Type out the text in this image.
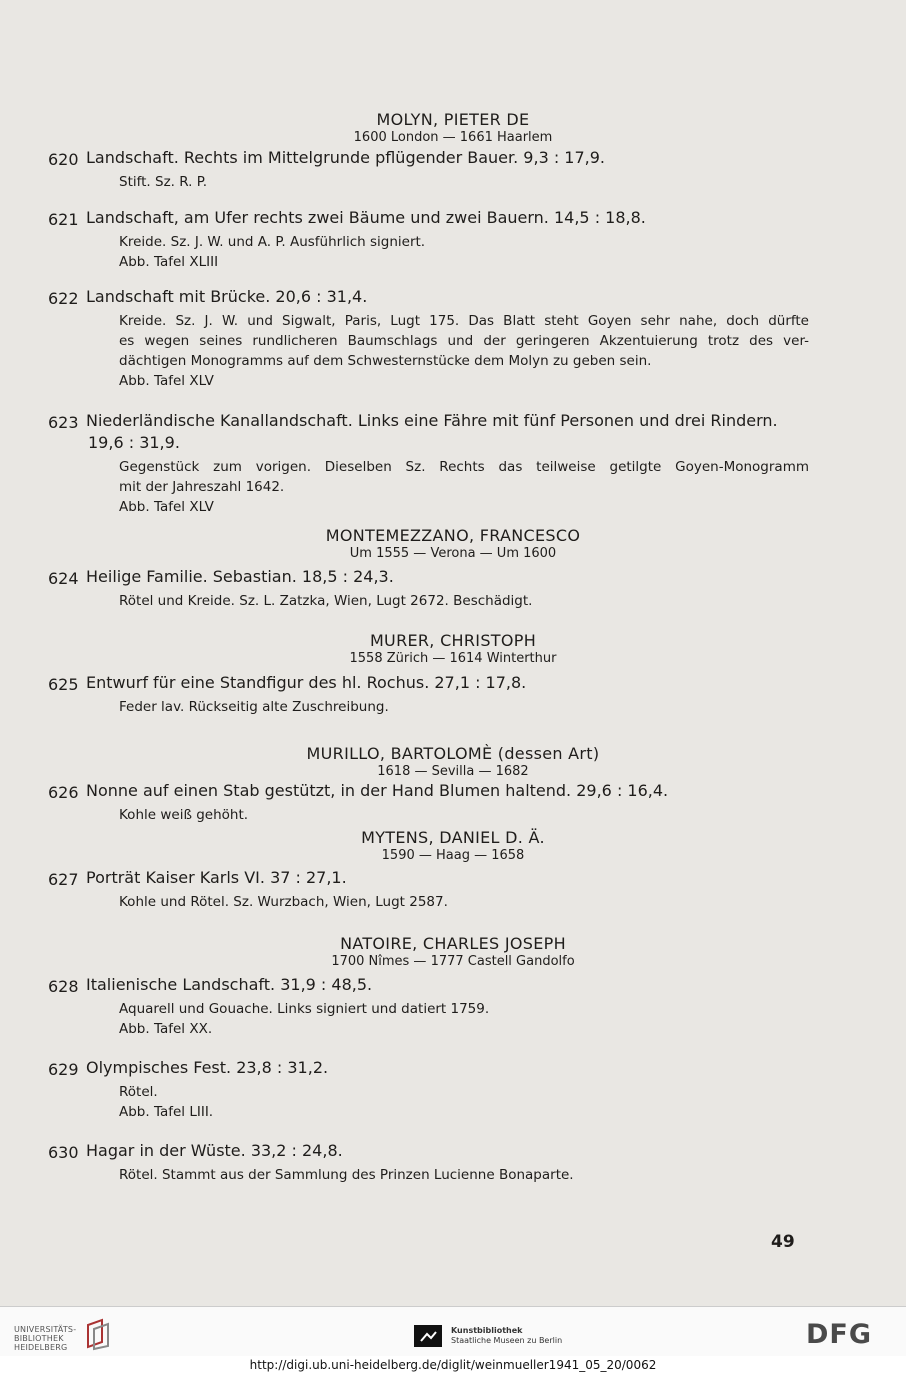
MOLYN, PIETER DE
1600 London — 1661 Haarlem
MONTEMEZZANO, FRANCESCO
Um 1555 — Verona — Um 1600
MURER, CHRISTOPH
1558 Zürich — 1614 Winterthur
MURILLO, BARTOLOMÈ (dessen Art)
1618 — Sevilla — 1682
MYTENS, DANIEL D. Ä.
1590 — Haag — 1658
NATOIRE, CHARLES JOSEPH
1700 Nîmes — 1777 Castell Gandolfo
620 Landschaft. Rechts im Mittelgrunde pflügender Bauer. 9,3 : 17,9.
Stift. Sz. R. P.
621 Landschaft, am Ufer rechts zwei Bäume und zwei Bauern. 14,5 : 18,8.
Kreide. Sz. J. W. und A. P. Ausführlich signiert.
Abb. Tafel XLIII
622 Landschaft mit Brücke. 20,6 : 31,4.
Kreide. Sz. J. W. und Sigwalt, Paris, Lugt 175. Das Blatt steht Goyen sehr nahe, doch dürfte
es wegen seines rundlicheren Baumschlags und der geringeren Akzentuierung trotz des ver-
dächtigen Monogramms auf dem Schwesternstücke dem Molyn zu geben sein.
Abb. Tafel XLV
623 Niederländische Kanallandschaft. Links eine Fähre mit fünf Personen und drei Rindern.
19,6 : 31,9.
Gegenstück zum vorigen. Dieselben Sz. Rechts das teilweise getilgte Goyen-Monogramm
mit der Jahreszahl 1642.
Abb. Tafel XLV
624 Heilige Familie. Sebastian. 18,5 : 24,3.
Rötel und Kreide. Sz. L. Zatzka, Wien, Lugt 2672. Beschädigt.
625 Entwurf für eine Standfigur des hl. Rochus. 27,1 : 17,8.
Feder lav. Rückseitig alte Zuschreibung.
626 Nonne auf einen Stab gestützt, in der Hand Blumen haltend. 29,6 : 16,4.
Kohle weiß gehöht.
627 Porträt Kaiser Karls VI. 37 : 27,1.
Kohle und Rötel. Sz. Wurzbach, Wien, Lugt 2587.
628 Italienische Landschaft. 31,9 : 48,5.
Aquarell und Gouache. Links signiert und datiert 1759.
Abb. Tafel XX.
629 Olympisches Fest. 23,8 : 31,2.
Rötel.
Abb. Tafel LIII.
630 Hagar in der Wüste. 33,2 : 24,8.
Rötel. Stammt aus der Sammlung des Prinzen Lucienne Bonaparte.
49
UNIVERSITÄTS-
BIBLIOTHEK
HEIDELBERG
Kunstbibliothek
Staatliche Museen zu Berlin	DFG
http://digi.ub.uni-heidelberg.de/diglit/weinmueller1941_05_20/0062
